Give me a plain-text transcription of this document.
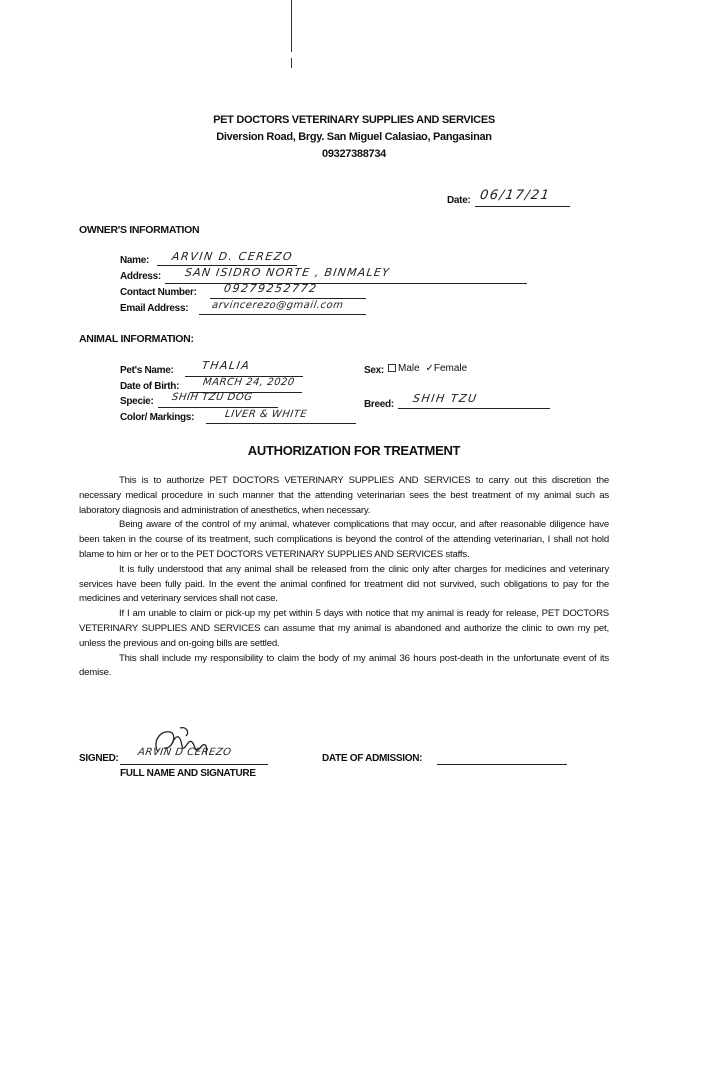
PET DOCTORS VETERINARY SUPPLIES AND SERVICES
Diversion Road, Brgy. San Miguel Calasiao, Pangasinan
09327388734
Date: 06/17/21
OWNER'S INFORMATION
Name: ARVIN D. CEREZO
Address: SAN ISIDRO NORTE , BINMALEY
Contact Number: 09279252772
Email Address: arvincerezo@gmail.com
ANIMAL INFORMATION:
Pet's Name:	THALIA	Sex:	Male ✓Female
Date of Birth: MARCH 24, 2020
Specie: SHIH TZU DOG
Breed: SHIH TZU
Color/ Markings:	LIVER & WHITE
AUTHORIZATION FOR TREATMENT

This is to authorize PET DOCTORS VETERINARY SUPPLIES AND SERVICES to carry out this discretion the necessary medical procedure in such manner that the attending veterinarian sees the best treatment of my animal such as laboratory diagnosis and administration of anesthetics, when necessary.

Being aware of the control of my animal, whatever complications that may occur, and after reasonable diligence have been taken in the course of its treatment, such complications is beyond the control of the attending veterinarian, I shall not hold blame to him or her or to the PET DOCTORS VETERINARY SUPPLIES AND SERVICES staffs.

It is fully understood that any animal shall be released from the clinic only after charges for medicines and veterinary services have been fully paid. In the event the animal confined for treatment did not survived, such obligations to pay for the medicines and veterinary services shall not case.

If I am unable to claim or pick-up my pet within 5 days with notice that my animal is ready for release, PET DOCTORS VETERINARY SUPPLIES AND SERVICES can assume that my animal is abandoned and authorize the clinic to own my pet, unless the previous and on-going bills are settled.

This shall include my responsibility to claim the body of my animal 36 hours post-death in the unfortunate event of its demise.

SIGNED:
ARVIN D CEREZO
FULL NAME AND SIGNATURE
DATE OF ADMISSION:
